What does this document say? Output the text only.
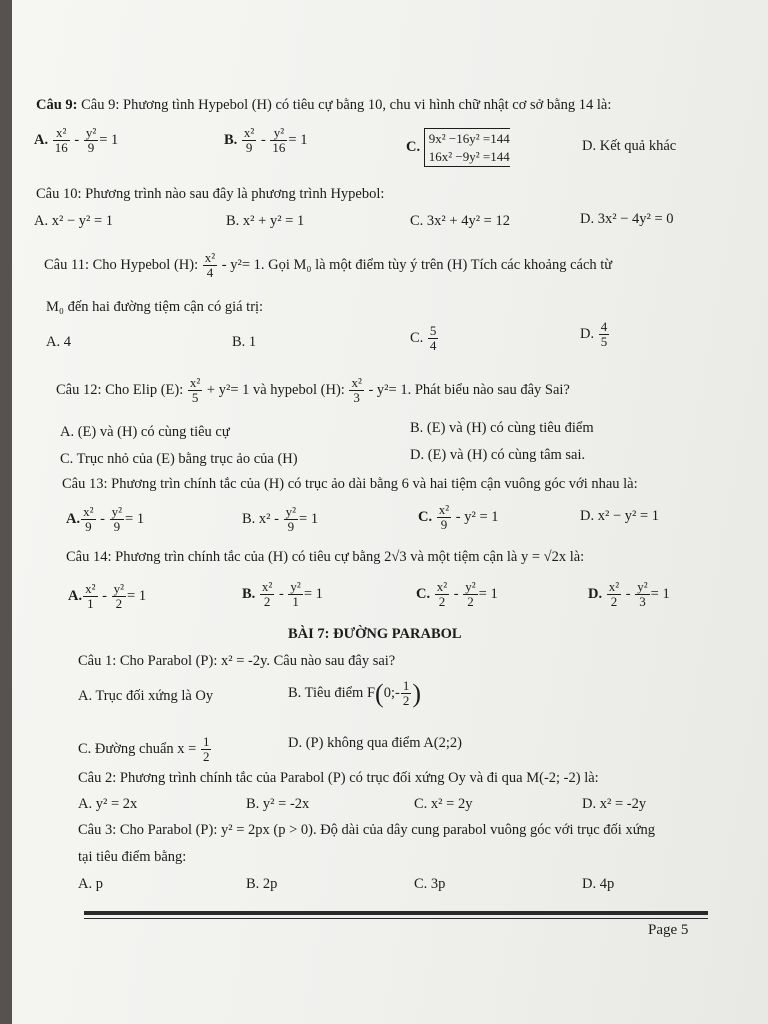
Câu 9: Câu 9: Phương tình Hypebol (H) có tiêu cự bằng 10, chu vi hình chữ nhật cơ sở bằng 14 là:
A. $\frac{\text{x²}}{16} - \frac{\text{y²}}{9} = 1$	B. $\frac{\text{x²}}{9} - \frac{\text{y²}}{16} = 1$	C. 9x² −16y² =144
16x² −9y² =144
D. Kết quả khác
Câu 10: Phương trình nào sau đây là phương trình Hypebol:
A. x² − y² = 1	B. x² + y² = 1	C. 3x² + 4y² = 12	D. 3x² − 4y² = 0
Câu 11: Cho Hypebol (H): $\frac{\text{x²}}{4} - y^2= 1$. Gọi M₀ là một điểm tùy ý trên (H) Tích các khoảng cách từ
M₀ đến hai đường tiệm cận có giá trị:
A. 4	B. 1	C. $\frac{5}{4}$	D. $\frac{4}{5}$
Câu 12: Cho Elip (E): $\frac{\text{x²}}{5} + y^2= 1$ và hypebol (H): $\frac{\text{x²}}{3} - y^2= 1$. Phát biểu nào sau đây Sai?
A. (E) và (H) có cùng tiêu cự	B. (E) và (H) có cùng tiêu điểm
C. Trục nhỏ của (E) bằng trục ảo của (H)	D. (E) và (H) có cùng tâm sai.
Câu 13: Phương trìn chính tắc của (H) có trục ảo dài bằng 6 và hai tiệm cận vuông góc với nhau là:
A. $\frac{\text{x²}}{9} - \frac{\text{y²}}{9} = 1$	B. $x^2 - \frac{\text{y²}}{9} = 1$	C. $\frac{\text{x²}}{9} - y^2 = 1$	D. x² − y² = 1
Câu 14: Phương trìn chính tắc của (H) có tiêu cự bằng 2√3 và một tiệm cận là y = √2x là:
A. $\frac{\text{x²}}{1} - \frac{\text{y²}}{2} = 1$	B. $\frac{\text{x²}}{2} - \frac{\text{y²}}{1} = 1$	C. $\frac{\text{x²}}{2} - \frac{\text{y²}}{2} = 1$	D. $\frac{\text{x²}}{2} - \frac{\text{y²}}{3} = 1$
BÀI 7: ĐƯỜNG PARABOL
Câu 1: Cho Parabol (P): x² = -2y. Câu nào sau đây sai?
A. Trục đối xứng là Oy	B. Tiêu điểm F(0;- $\frac{1}{2}$ )
C. Đường chuẩn $x = \frac{1}{2}$	D. (P) không qua điểm A(2;2)
Câu 2: Phương trình chính tắc của Parabol (P) có trục đối xứng Oy và đi qua M(-2; -2) là:
A. y² = 2x	B. y² = -2x	C. x² = 2y	D. x² = -2y
Câu 3: Cho Parabol (P): y² = 2px (p > 0). Độ dài của dây cung parabol vuông góc với trục đối xứng
tại tiêu điểm bằng:
A. p	B. 2p	C. 3p	D. 4p
Page 5
